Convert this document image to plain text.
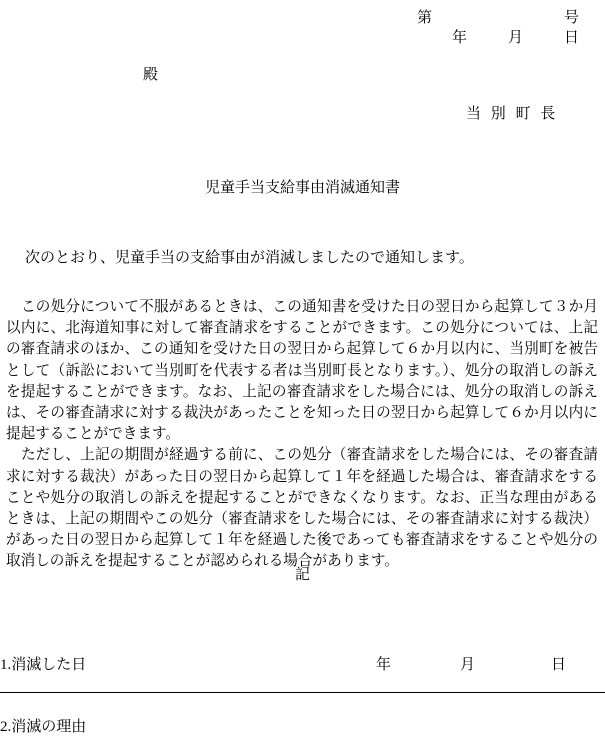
第	号
年	月	日
殿
当 別 町 長
児童手当支給事由消滅通知書
次のとおり、児童手当の支給事由が消滅しましたので通知します。

この処分について不服があるときは、この通知書を受けた日の翌日から起算して３か月以内に、北海道知事に対して審査請求をすることができます。この処分については、上記の審査請求のほか、この通知を受けた日の翌日から起算して６か月以内に、当別町を被告として（訴訟において当別町を代表する者は当別町長となります。）、処分の取消しの訴えを提起することができます。なお、上記の審査請求をした場合には、処分の取消しの訴えは、その審査請求に対する裁決があったことを知った日の翌日から起算して６か月以内に提起することができます。

ただし、上記の期間が経過する前に、この処分（審査請求をした場合には、その審査請求に対する裁決）があった日の翌日から起算して１年を経過した場合は、審査請求をすることや処分の取消しの訴えを提起することができなくなります。なお、正当な理由があるときは、上記の期間やこの処分（審査請求をした場合には、その審査請求に対する裁決）があった日の翌日から起算して１年を経過した後であっても審査請求をすることや処分の取消しの訴えを提起することが認められる場合があります。

記
1.消滅した日	年	月	日
2.消滅の理由
